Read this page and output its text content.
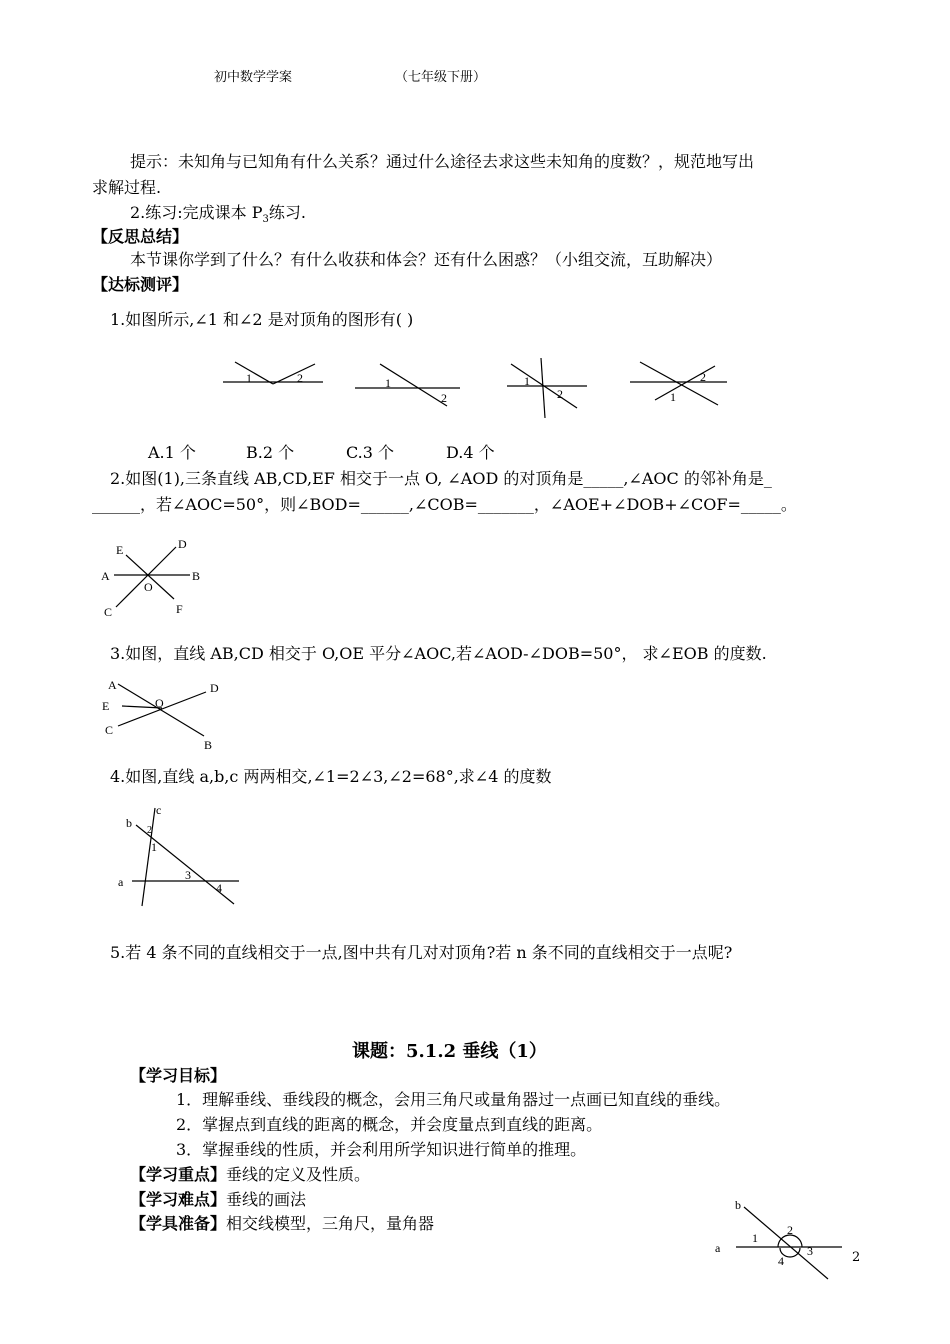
初中数学学案	（七年级下册）
提示：未知角与已知角有什么关系？通过什么途径去求这些未知角的度数？，规范地写出
求解过程.
2.练习:完成课本 $P_3$练习.
【反思总结】
本节课你学到了什么？有什么收获和体会？还有什么困惑？（小组交流，互助解决）
【达标测评】
1.如图所示,∠1 和∠2 是对顶角的图形有( )
1	2	1
2
1
2	1
2
A.1 个	B.2 个	C.3 个	D.4 个
2.如图(1),三条直线 AB,CD,EF 相交于一点 O, ∠AOD 的对顶角是_____,∠AOC 的邻补角是_
______，若∠AOC=50°，则∠BOD=______,∠COB=_______，∠AOE+∠DOB+∠COF=_____。
E	D
A	B
O
C	F
3.如图，直线 AB,CD 相交于 O,OE 平分∠AOC,若∠AOD-∠DOB=50°， 求∠EOB 的度数.
A	D
E	O
C
B
4.如图,直线 a,b,c 两两相交,∠1=2∠3,∠2=68°,求∠4 的度数
c
b
a
1
2
3
4
5.若 4 条不同的直线相交于一点,图中共有几对对顶角?若 n 条不同的直线相交于一点呢?
课题：5.1.2 垂线（1）
【学习目标】
1．理解垂线、垂线段的概念，会用三角尺或量角器过一点画已知直线的垂线。
2．掌握点到直线的距离的概念，并会度量点到直线的距离。
3．掌握垂线的性质，并会利用所学知识进行简单的推理。
【学习重点】垂线的定义及性质。
【学习难点】垂线的画法
【学具准备】相交线模型，三角尺，量角器
b
a
1
2
3
4	2
